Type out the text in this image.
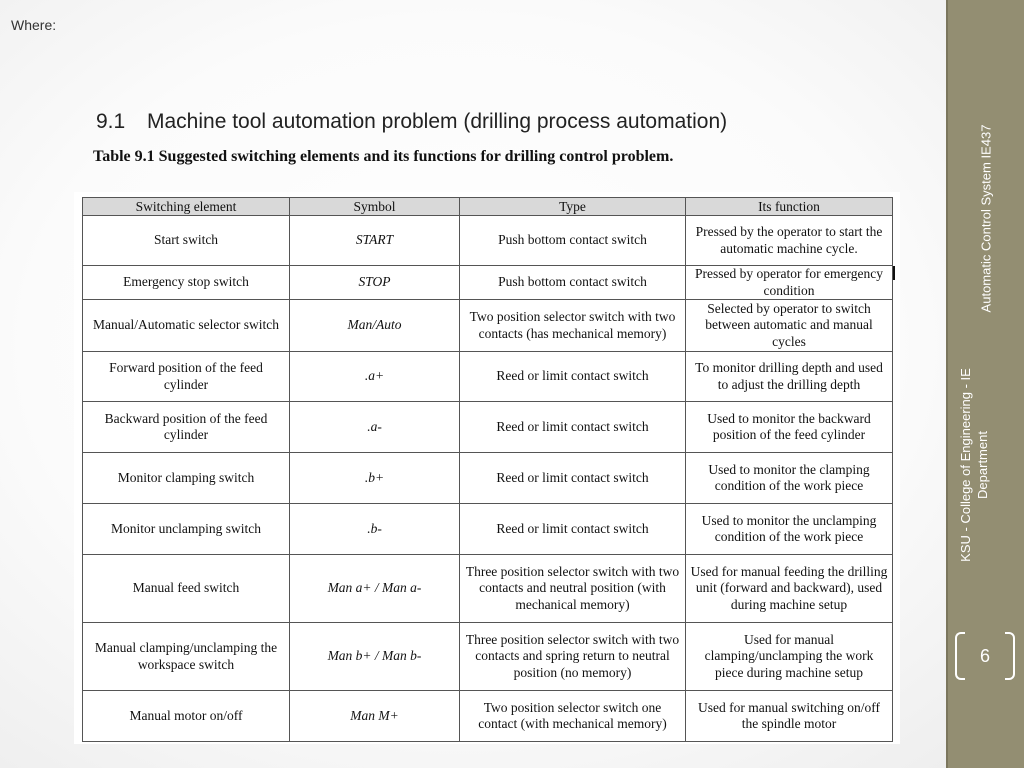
Where:
9.1 Machine tool automation problem (drilling process automation)
Table 9.1 Suggested switching elements and its functions for drilling control problem.
Switching element	Symbol	Type	Its function
Start switch	START	Push bottom contact switch	Pressed by the operator to start the automatic machine cycle.
Emergency stop switch	STOP	Push bottom contact switch	Pressed by operator for emergency condition
Manual/Automatic selector switch	Man/Auto	Two position selector switch with two contacts (has mechanical memory)	Selected by operator to switch between automatic and manual cycles
Forward position of the feed cylinder	.a+	Reed or limit contact switch	To monitor drilling depth and used to adjust the drilling depth
Backward position of the feed cylinder	.a-	Reed or limit contact switch	Used to monitor the backward position of the feed cylinder
Monitor clamping switch	.b+	Reed or limit contact switch	Used to monitor the clamping condition of the work piece
Monitor unclamping switch	.b-	Reed or limit contact switch	Used to monitor the unclamping condition of the work piece
Manual feed switch	Man a+ / Man a-	Three position selector switch with two contacts and neutral position (with mechanical memory)	Used for manual feeding the drilling unit (forward and backward), used during machine setup
Manual clamping/unclamping the workspace switch	Man b+ / Man b-	Three position selector switch with two contacts and spring return to neutral position (no memory)	Used for manual clamping/unclamping the work piece during machine setup
Manual motor on/off	Man M+	Two position selector switch one contact (with mechanical memory)	Used for manual switching on/off the spindle motor
Automatic Control System IE437
KSU - College of Engineering - IE Department
6
